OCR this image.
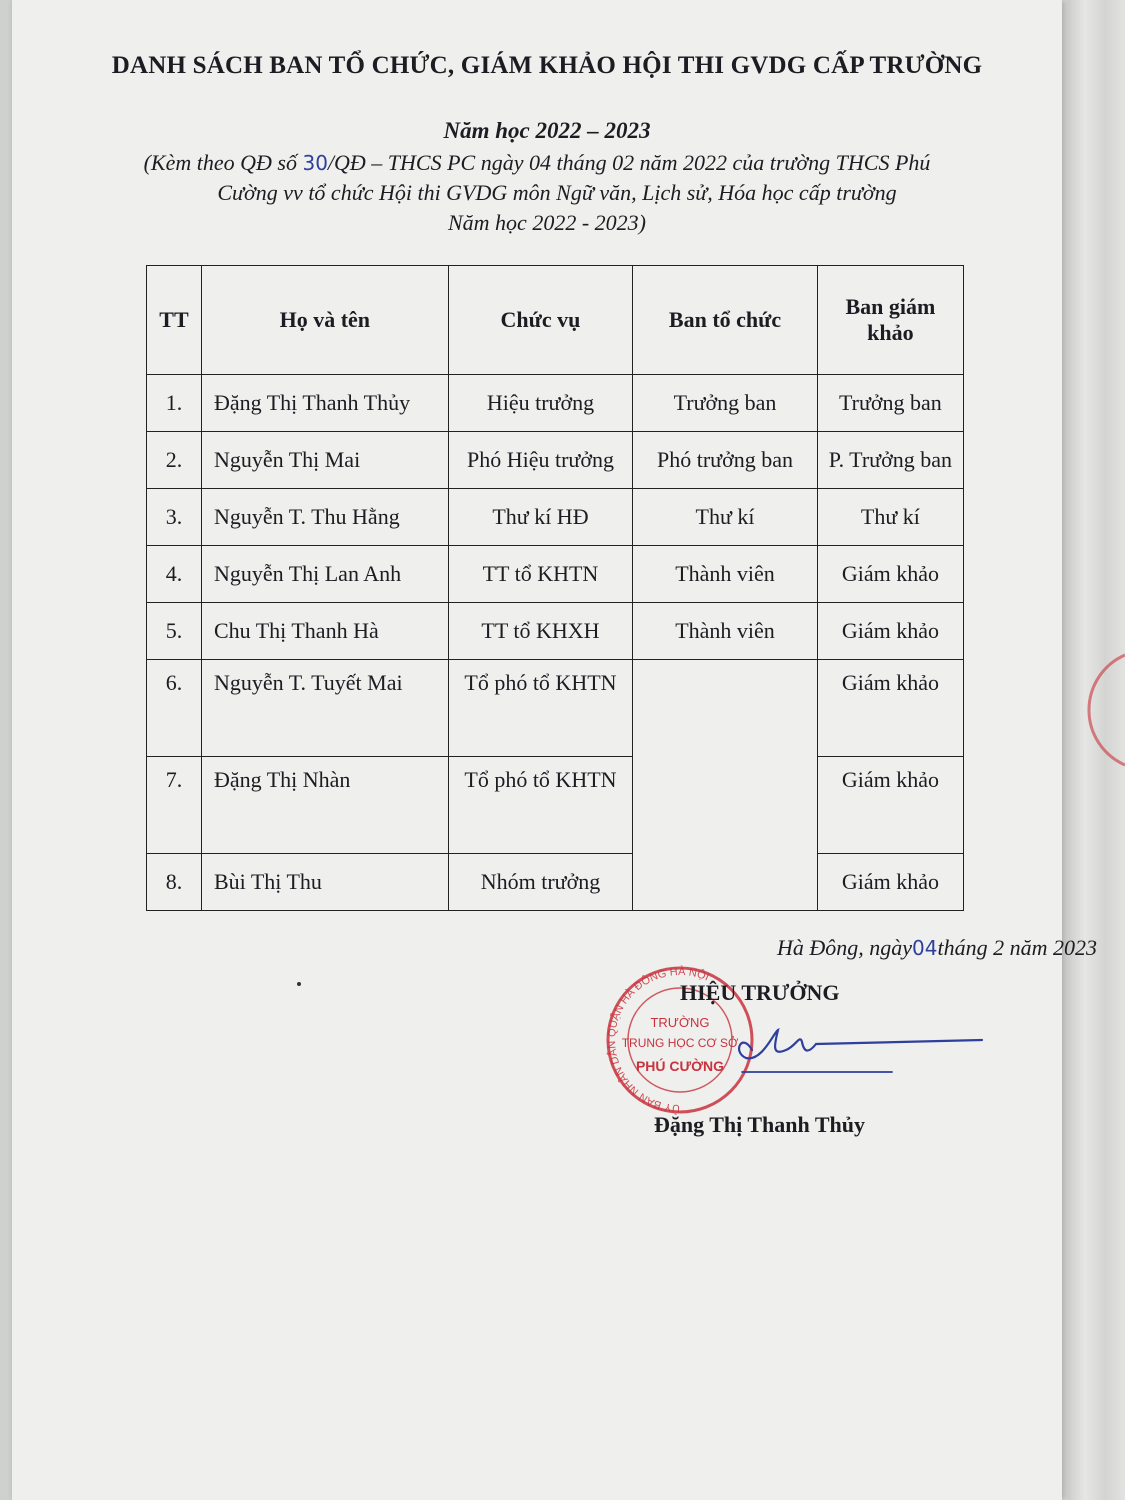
DANH SÁCH BAN TỔ CHỨC, GIÁM KHẢO HỘI THI GVDG CẤP TRƯỜNG
Năm học 2022 – 2023
(Kèm theo QĐ số 30/QĐ – THCS PC ngày 04 tháng 02 năm 2022 của trường THCS Phú
Cường vv tổ chức Hội thi GVDG môn Ngữ văn, Lịch sử, Hóa học cấp trường
Năm học 2022 - 2023)
TT	Họ và tên	Chức vụ	Ban tổ chức	Ban giám khảo
1.	Đặng Thị Thanh Thủy	Hiệu trưởng	Trưởng ban	Trưởng ban
2.	Nguyễn Thị Mai	Phó Hiệu trưởng	Phó trưởng ban	P. Trưởng ban
3.	Nguyễn T. Thu Hằng	Thư kí HĐ	Thư kí	Thư kí
4.	Nguyễn Thị Lan Anh	TT tổ KHTN	Thành viên	Giám khảo
5.	Chu Thị Thanh Hà	TT tổ KHXH	Thành viên	Giám khảo
6.	Nguyễn T. Tuyết Mai	Tổ phó tổ KHTN		Giám khảo
7.	Đặng Thị Nhàn	Tổ phó tổ KHTN		Giám khảo
8.	Bùi Thị Thu	Nhóm trưởng		Giám khảo
Hà Đông, ngày04tháng 2 năm 2023
ỦY BAN NHÂN DÂN QUẬN HÀ ĐÔNG HÀ NỘI
TRƯỜNG
TRUNG HỌC CƠ SỞ
PHÚ CƯỜNG
HIỆU TRƯỞNG
Đặng Thị Thanh Thủy
